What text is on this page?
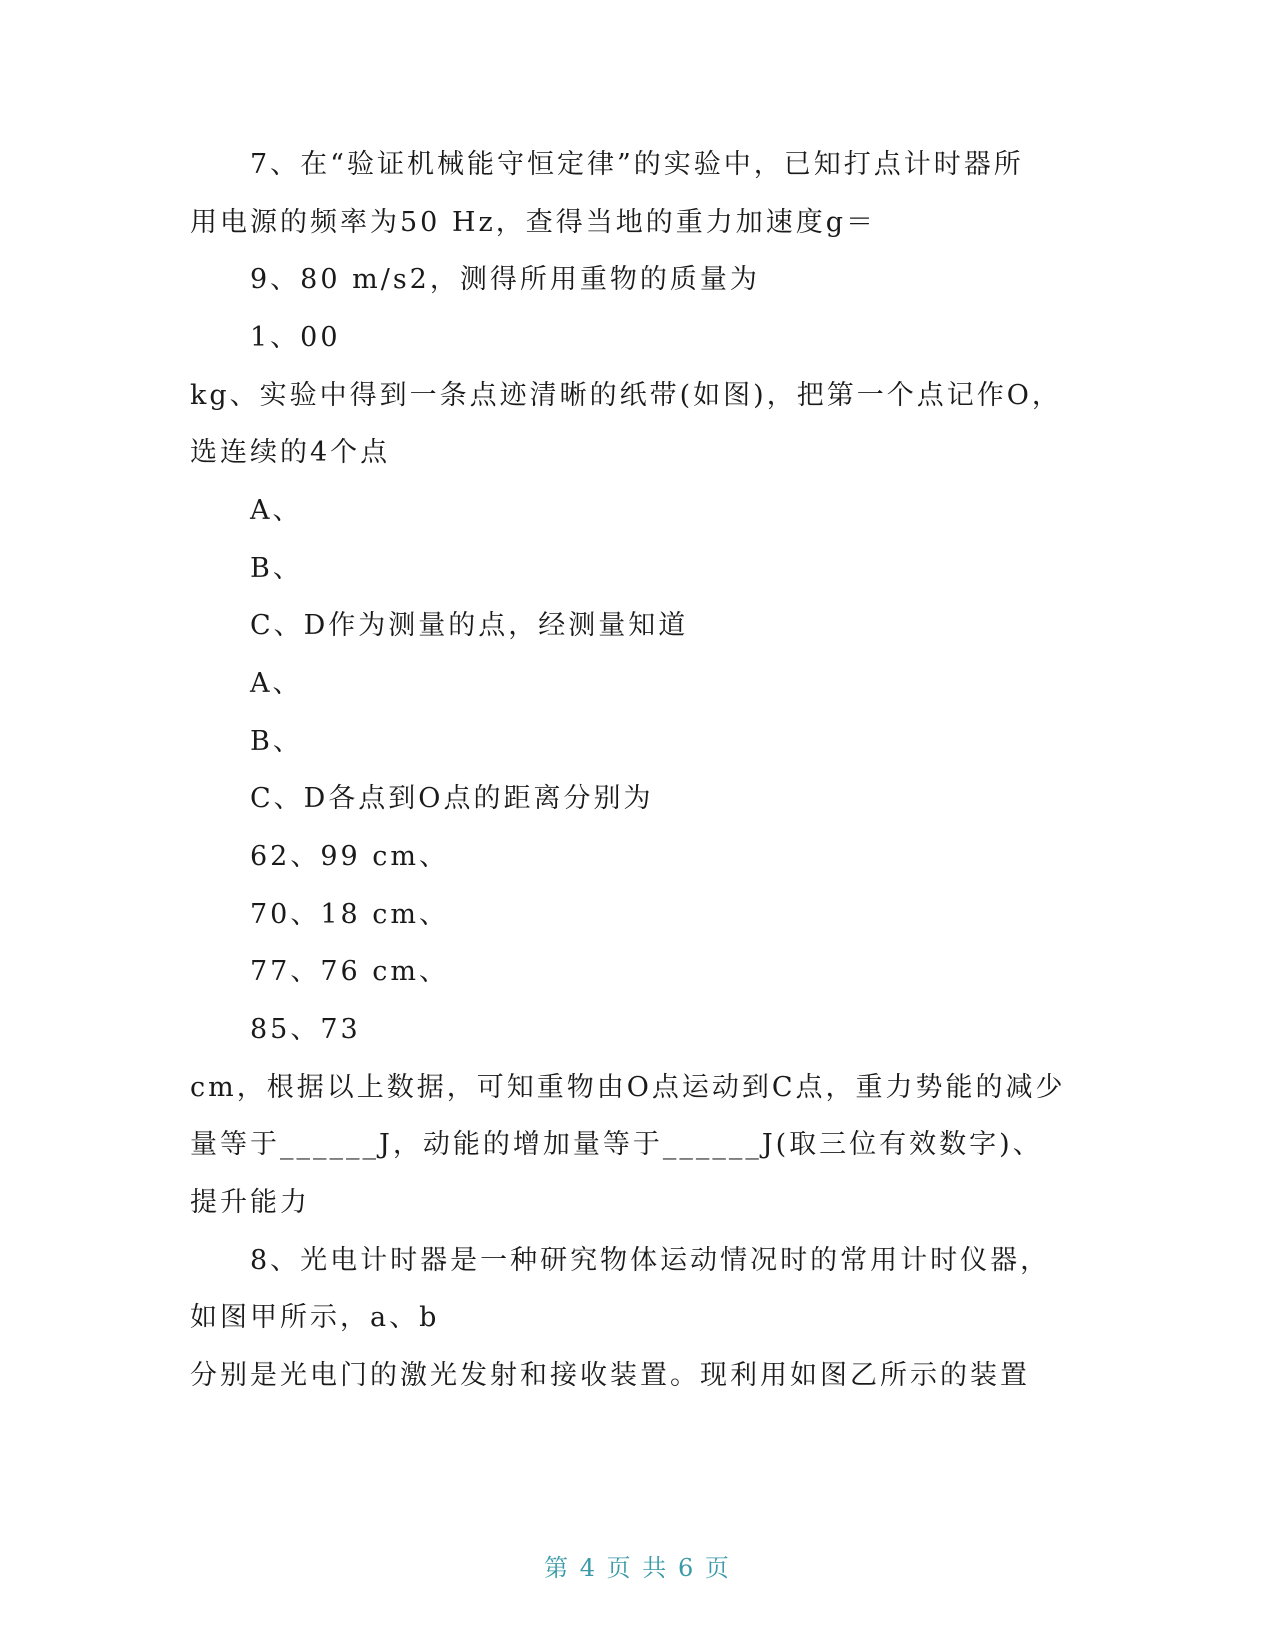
7、在“验证机械能守恒定律”的实验中，已知打点计时器所
用电源的频率为50 Hz，查得当地的重力加速度g＝
9、80 m/s2，测得所用重物的质量为
1、00
kg、实验中得到一条点迹清晰的纸带(如图)，把第一个点记作O，
选连续的4个点
A、
B、
C、D作为测量的点，经测量知道
A、
B、
C、D各点到O点的距离分别为
62、99 cm、
70、18 cm、
77、76 cm、
85、73
cm，根据以上数据，可知重物由O点运动到C点，重力势能的减少
量等于______J，动能的增加量等于______J(取三位有效数字)、
提升能力
8、光电计时器是一种研究物体运动情况时的常用计时仪器，
如图甲所示，a、b
分别是光电门的激光发射和接收装置。现利用如图乙所示的装置
第 4 页 共 6 页
